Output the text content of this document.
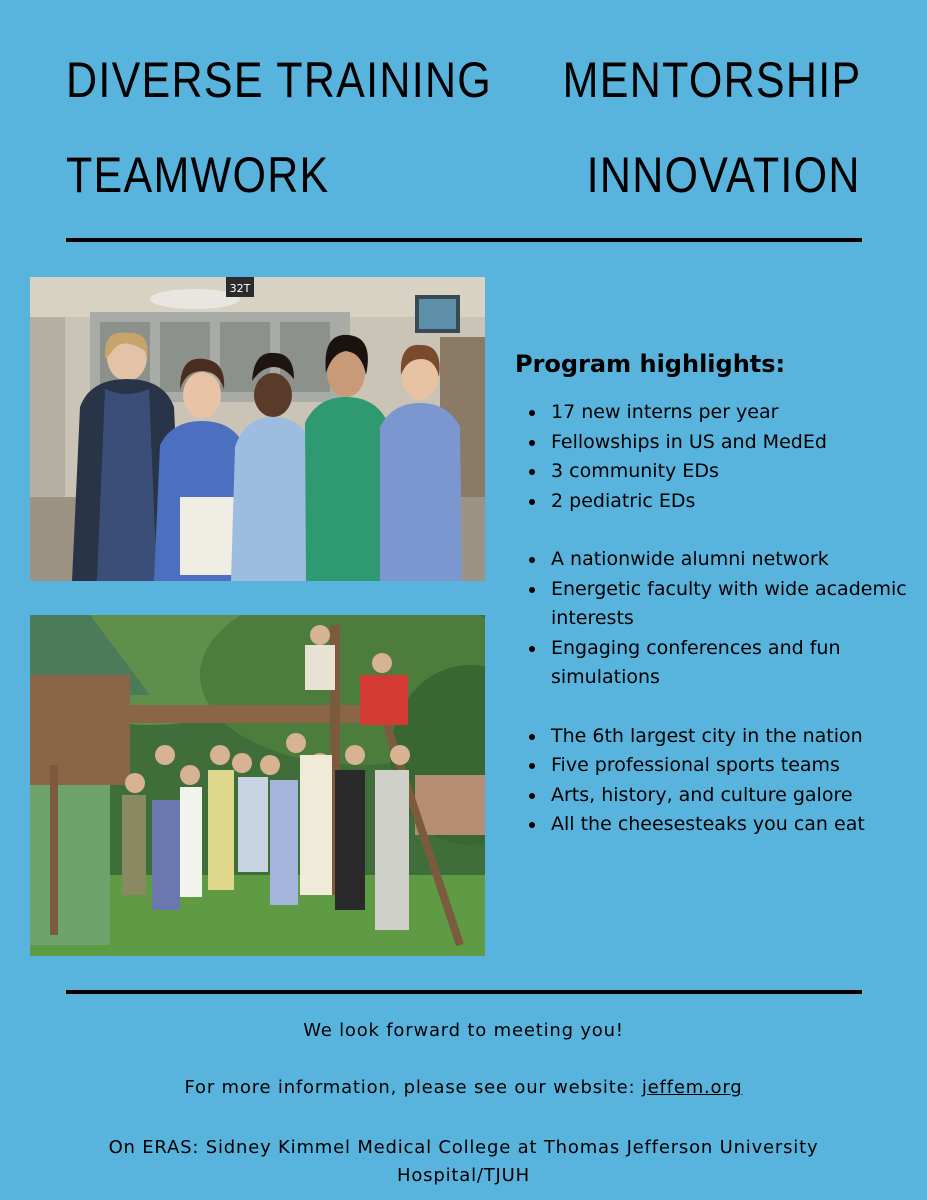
DIVERSE TRAINING MENTORSHIP
TEAMWORK	INNOVATION
32T
Program highlights:
17 new interns per year
Fellowships in US and MedEd
3 community EDs
2 pediatric EDs
A nationwide alumni network
Energetic faculty with wide academic interests
Engaging conferences and fun simulations
The 6th largest city in the nation
Five professional sports teams
Arts, history, and culture galore
All the cheesesteaks you can eat
We look forward to meeting you!
For more information, please see our website: jeffem.org
On ERAS: Sidney Kimmel Medical College at Thomas Jefferson University Hospital/TJUH
